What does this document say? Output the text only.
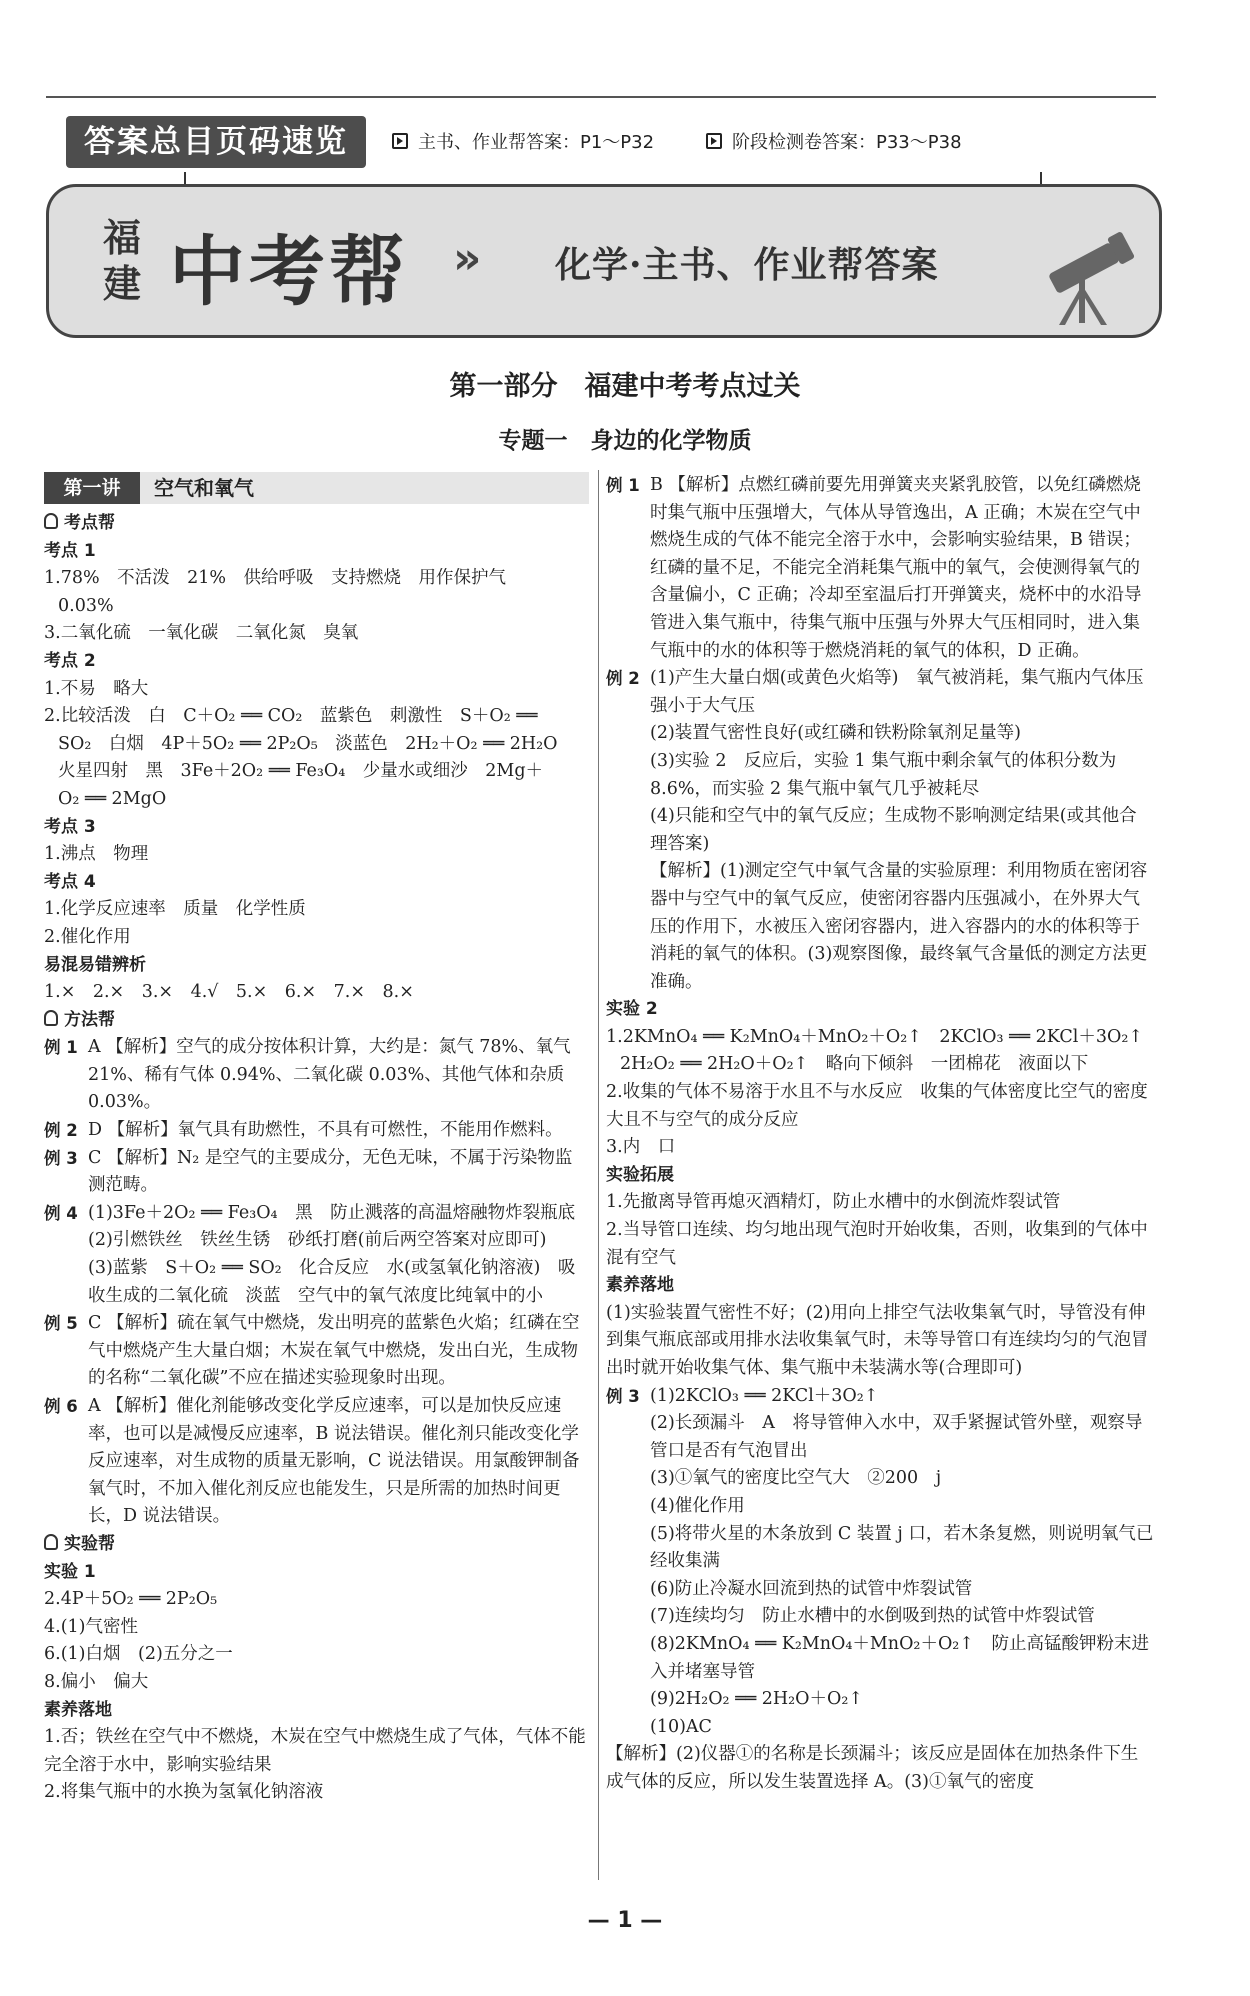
答案总目页码速览	主书、作业帮答案：P1～P32	阶段检测卷答案：P33～P38
福建 中考帮 » 化学·主书、作业帮答案
第一部分　福建中考考点过关
专题一　身边的化学物质
第一讲	空气和氧气
考点帮
考点 1
1.78%　不活泼　21%　供给呼吸　支持燃烧　用作保护气
0.03%
3.二氧化硫　一氧化碳　二氧化氮　臭氧
考点 2
1.不易　略大
2.比较活泼　白　C＋O₂ ══ CO₂　蓝紫色　刺激性　S＋O₂ ══
SO₂　白烟　4P＋5O₂ ══ 2P₂O₅　淡蓝色　2H₂＋O₂ ══ 2H₂O
火星四射　黑　3Fe＋2O₂ ══ Fe₃O₄　少量水或细沙　2Mg＋
O₂ ══ 2MgO
考点 3
1.沸点　物理
考点 4
1.化学反应速率　质量　化学性质
2.催化作用
易混易错辨析
1.×　2.×　3.×　4.√　5.×　6.×　7.×　8.×
方法帮
例 1 A 【解析】空气的成分按体积计算，大约是：氮气 78%、氧气 21%、稀有气体 0.94%、二氧化碳 0.03%、其他气体和杂质 0.03%。
例 2 D 【解析】氧气具有助燃性，不具有可燃性，不能用作燃料。
例 3 C 【解析】N₂ 是空气的主要成分，无色无味，不属于污染物监测范畴。
例 4 (1)3Fe＋2O₂ ══ Fe₃O₄　黑　防止溅落的高温熔融物炸裂瓶底
(2)引燃铁丝　铁丝生锈　砂纸打磨(前后两空答案对应即可)
(3)蓝紫　S＋O₂ ══ SO₂　化合反应　水(或氢氧化钠溶液)　吸收生成的二氧化硫　淡蓝　空气中的氧气浓度比纯氧中的小
例 5 C 【解析】硫在氧气中燃烧，发出明亮的蓝紫色火焰；红磷在空气中燃烧产生大量白烟；木炭在氧气中燃烧，发出白光，生成物的名称“二氧化碳”不应在描述实验现象时出现。
例 6 A 【解析】催化剂能够改变化学反应速率，可以是加快反应速率，也可以是减慢反应速率，B 说法错误。催化剂只能改变化学反应速率，对生成物的质量无影响，C 说法错误。用氯酸钾制备氧气时，不加入催化剂反应也能发生，只是所需的加热时间更长，D 说法错误。
实验帮
实验 1
2.4P＋5O₂ ══ 2P₂O₅
4.(1)气密性
6.(1)白烟　(2)五分之一
8.偏小　偏大
素养落地
1.否；铁丝在空气中不燃烧，木炭在空气中燃烧生成了气体，气体不能完全溶于水中，影响实验结果
2.将集气瓶中的水换为氢氧化钠溶液
例 1 B 【解析】点燃红磷前要先用弹簧夹夹紧乳胶管，以免红磷燃烧时集气瓶中压强增大，气体从导管逸出，A 正确；木炭在空气中燃烧生成的气体不能完全溶于水中，会影响实验结果，B 错误；红磷的量不足，不能完全消耗集气瓶中的氧气，会使测得氧气的含量偏小，C 正确；冷却至室温后打开弹簧夹，烧杯中的水沿导管进入集气瓶中，待集气瓶中压强与外界大气压相同时，进入集气瓶中的水的体积等于燃烧消耗的氧气的体积，D 正确。
例 2 (1)产生大量白烟(或黄色火焰等)　氧气被消耗，集气瓶内气体压强小于大气压
(2)装置气密性良好(或红磷和铁粉除氧剂足量等)
(3)实验 2　反应后，实验 1 集气瓶中剩余氧气的体积分数为 8.6%，而实验 2 集气瓶中氧气几乎被耗尽
(4)只能和空气中的氧气反应；生成物不影响测定结果(或其他合理答案)
【解析】(1)测定空气中氧气含量的实验原理：利用物质在密闭容器中与空气中的氧气反应，使密闭容器内压强减小，在外界大气压的作用下，水被压入密闭容器内，进入容器内的水的体积等于消耗的氧气的体积。(3)观察图像，最终氧气含量低的测定方法更准确。
实验 2
1.2KMnO₄ ══ K₂MnO₄＋MnO₂＋O₂↑　2KClO₃ ══ 2KCl＋3O₂↑
2H₂O₂ ══ 2H₂O＋O₂↑　略向下倾斜　一团棉花　液面以下
2.收集的气体不易溶于水且不与水反应　收集的气体密度比空气的密度大且不与空气的成分反应
3.内　口
实验拓展
1.先撤离导管再熄灭酒精灯，防止水槽中的水倒流炸裂试管
2.当导管口连续、均匀地出现气泡时开始收集，否则，收集到的气体中混有空气
素养落地
(1)实验装置气密性不好；(2)用向上排空气法收集氧气时，导管没有伸到集气瓶底部或用排水法收集氧气时，未等导管口有连续均匀的气泡冒出时就开始收集气体、集气瓶中未装满水等(合理即可)
例 3 (1)2KClO₃ ══ 2KCl＋3O₂↑
(2)长颈漏斗　A　将导管伸入水中，双手紧握试管外壁，观察导管口是否有气泡冒出
(3)①氧气的密度比空气大　②200　j
(4)催化作用
(5)将带火星的木条放到 C 装置 j 口，若木条复燃，则说明氧气已经收集满
(6)防止冷凝水回流到热的试管中炸裂试管
(7)连续均匀　防止水槽中的水倒吸到热的试管中炸裂试管
(8)2KMnO₄ ══ K₂MnO₄＋MnO₂＋O₂↑　防止高锰酸钾粉末进入并堵塞导管
(9)2H₂O₂ ══ 2H₂O＋O₂↑
(10)AC
【解析】(2)仪器①的名称是长颈漏斗；该反应是固体在加热条件下生成气体的反应，所以发生装置选择 A。(3)①氧气的密度
— 1 —
